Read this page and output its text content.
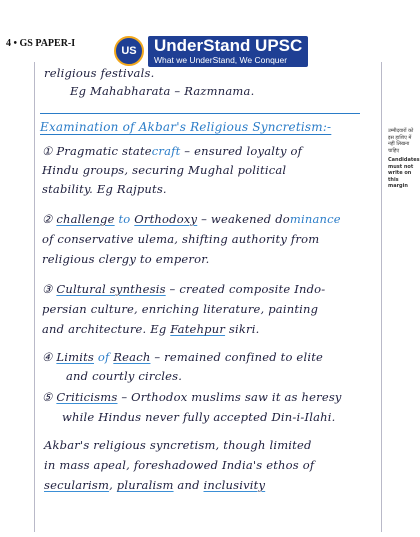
4 • GS PAPER-I
US	UnderStand UPSC
What we UnderStand, We Conquer
उम्मीदवारों को इस हाशिए में नहीं लिखना चाहिए
Candidates must not write on this margin
religious festivals.
Eg Mahabharata – Razmnama.
Examination of Akbar's Religious Syncretism:-
① Pragmatic statecraft – ensured loyalty of
Hindu groups, securing Mughal political
stability. Eg Rajputs.
② challenge to Orthodoxy – weakened dominance
of conservative ulema, shifting authority from
religious clergy to emperor.
③ Cultural synthesis – created composite Indo-
persian culture, enriching literature, painting
and architecture. Eg Fatehpur sikri.
④ Limits of Reach – remained confined to elite
and courtly circles.
⑤ Criticisms – Orthodox muslims saw it as heresy
while Hindus never fully accepted Din-i-Ilahi.
Akbar's religious syncretism, though limited
in mass apeal, foreshadowed India's ethos of
secularism, pluralism and inclusivity
